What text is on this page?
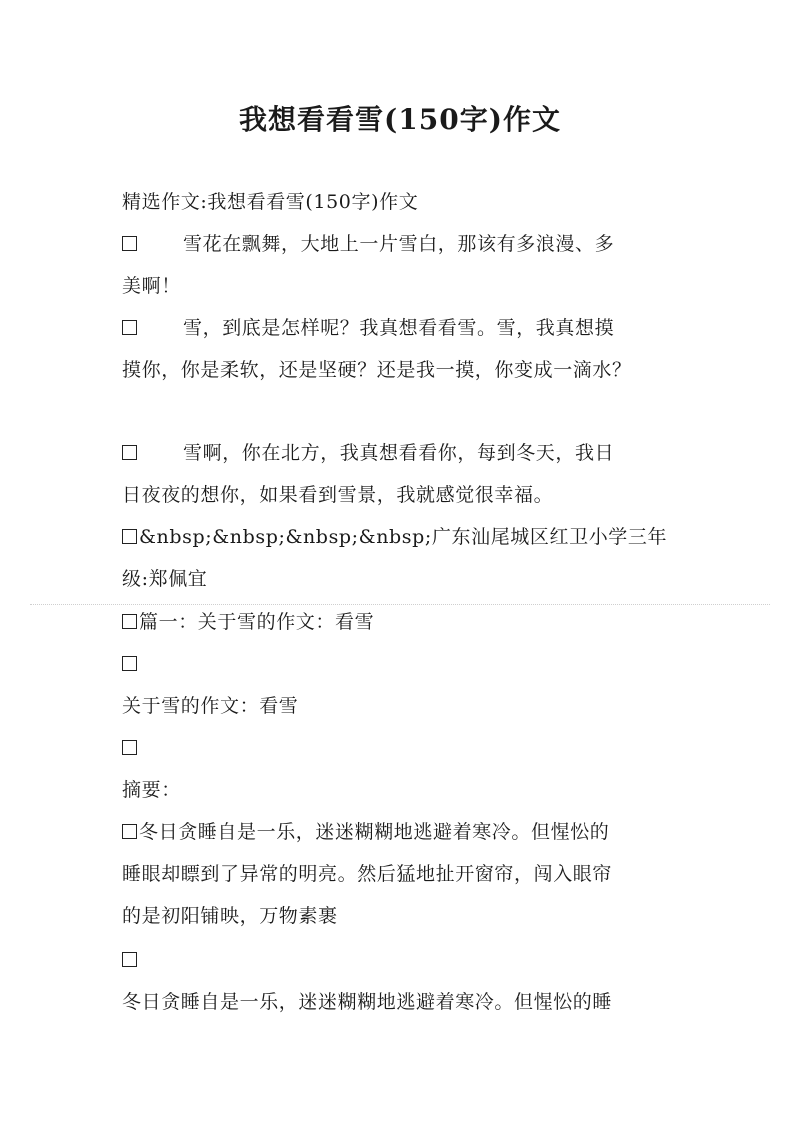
我想看看雪(150字)作文
精选作文:我想看看雪(150字)作文
雪花在飘舞，大地上一片雪白，那该有多浪漫、多
美啊！
雪，到底是怎样呢？我真想看看雪。雪，我真想摸
摸你，你是柔软，还是坚硬？还是我一摸，你变成一滴水？
雪啊，你在北方，我真想看看你，每到冬天，我日
日夜夜的想你，如果看到雪景，我就感觉很幸福。
&nbsp;&nbsp;&nbsp;&nbsp;广东汕尾城区红卫小学三年
级:郑佩宜
篇一：关于雪的作文：看雪
关于雪的作文：看雪
摘要：
冬日贪睡自是一乐，迷迷糊糊地逃避着寒冷。但惺忪的
睡眼却瞟到了异常的明亮。然后猛地扯开窗帘，闯入眼帘
的是初阳铺映，万物素裹
冬日贪睡自是一乐，迷迷糊糊地逃避着寒冷。但惺忪的睡
